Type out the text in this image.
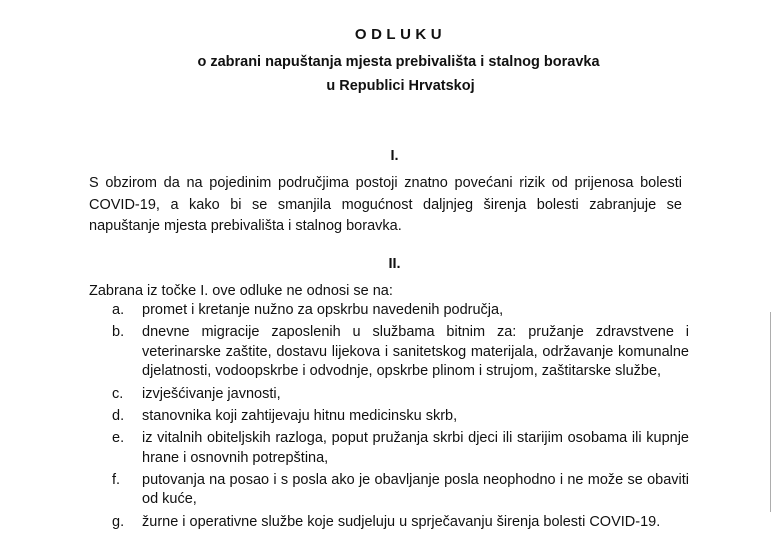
ODLUKU
o zabrani napuštanja mjesta prebivališta i stalnog boravka
u Republici Hrvatskoj
I.
S obzirom da na pojedinim područjima postoji znatno povećani rizik od prijenosa bolesti COVID-19, a kako bi se smanjila mogućnost daljnjeg širenja bolesti zabranjuje se napuštanje mjesta prebivališta i stalnog boravka.
II.
Zabrana iz točke I. ove odluke ne odnosi se na:
a. promet i kretanje nužno za opskrbu navedenih područja,
b. dnevne migracije zaposlenih u službama bitnim za: pružanje zdravstvene i veterinarske zaštite, dostavu lijekova i sanitetskog materijala, održavanje komunalne djelatnosti, vodoopskrbe i odvodnje, opskrbe plinom i strujom, zaštitarske službe,
c. izvješćivanje javnosti,
d. stanovnika koji zahtijevaju hitnu medicinsku skrb,
e. iz vitalnih obiteljskih razloga, poput pružanja skrbi djeci ili starijim osobama ili kupnje hrane i osnovnih potrepština,
f. putovanja na posao i s posla ako je obavljanje posla neophodno i ne može se obaviti od kuće,
g. žurne i operativne službe koje sudjeluju u sprječavanju širenja bolesti COVID-19.
